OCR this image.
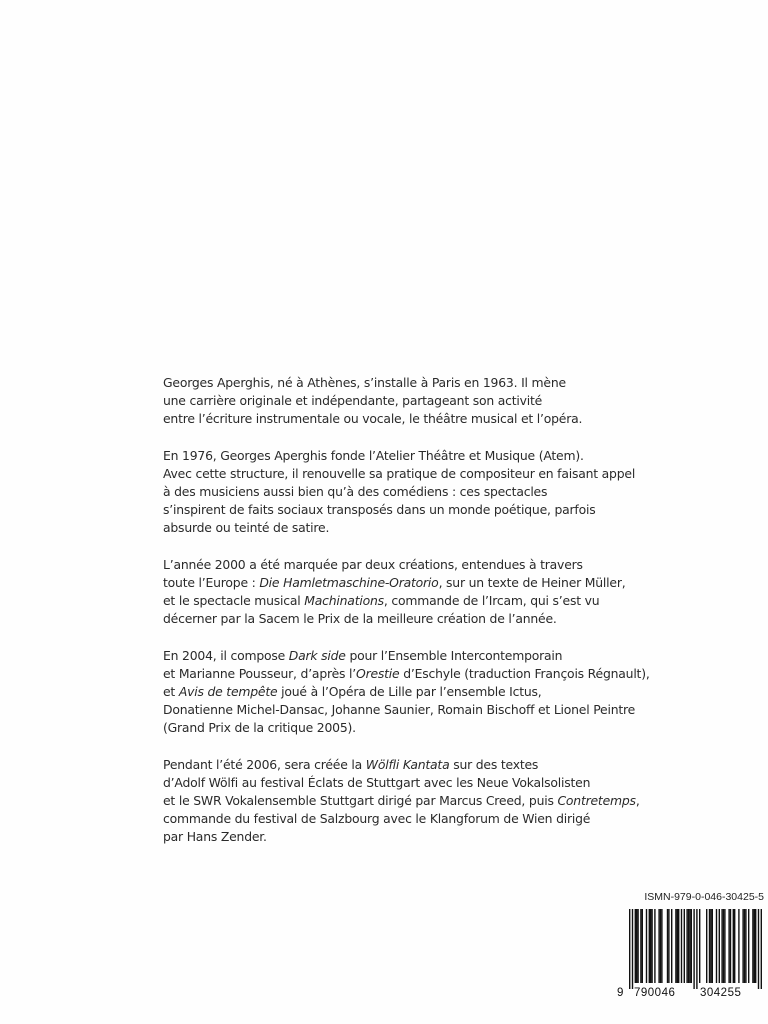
Georges Aperghis, né à Athènes, s’installe à Paris en 1963. Il mène
une carrière originale et indépendante, partageant son activité
entre l’écriture instrumentale ou vocale, le théâtre musical et l’opéra.

En 1976, Georges Aperghis fonde l’Atelier Théâtre et Musique (Atem).
Avec cette structure, il renouvelle sa pratique de compositeur en faisant appel
à des musiciens aussi bien qu’à des comédiens : ces spectacles
s’inspirent de faits sociaux transposés dans un monde poétique, parfois
absurde ou teinté de satire.

L’année 2000 a été marquée par deux créations, entendues à travers
toute l’Europe : Die Hamletmaschine-Oratorio, sur un texte de Heiner Müller,
et le spectacle musical Machinations, commande de l’Ircam, qui s’est vu
décerner par la Sacem le Prix de la meilleure création de l’année.

En 2004, il compose Dark side pour l’Ensemble Intercontemporain
et Marianne Pousseur, d’après l’Orestie d’Eschyle (traduction François Régnault),
et Avis de tempête joué à l’Opéra de Lille par l’ensemble Ictus,
Donatienne Michel-Dansac, Johanne Saunier, Romain Bischoff et Lionel Peintre
(Grand Prix de la critique 2005).

Pendant l’été 2006, sera créée la Wölfli Kantata sur des textes
d’Adolf Wölfi au festival Éclats de Stuttgart avec les Neue Vokalsolisten
et le SWR Vokalensemble Stuttgart dirigé par Marcus Creed, puis Contretemps,
commande du festival de Salzbourg avec le Klangforum de Wien dirigé
par Hans Zender.

ISMN-979-0-046-30425-5
9 790046 304255
